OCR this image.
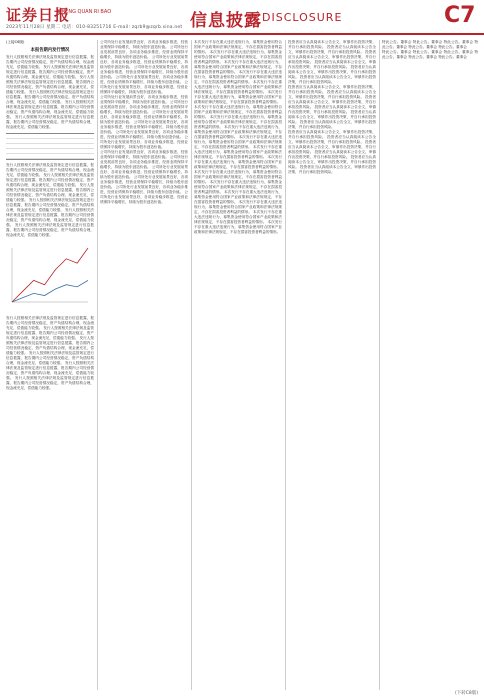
证券日报
ZHENG QUAN RI BAO
2023年11月28日 星期二 电话：010-83251716 E-mail: zqrb9@zqrb.sina.net 信息披露 DISCLOSURE	C7

(上接C6版)

本报告期内发行情况

发行人按照相关法律法规及监管规定进行信息披露，报告期内公司经营情况稳定，资产负债结构合理，现金流充足，偿债能力较强。 发行人按照相关法律法规及监管规定进行信息披露，报告期内公司经营情况稳定，资产负债结构合理，现金流充足，偿债能力较强。 发行人按照相关法律法规及监管规定进行信息披露，报告期内公司经营情况稳定，资产负债结构合理，现金流充足，偿债能力较强。 发行人按照相关法律法规及监管规定进行信息披露，报告期内公司经营情况稳定，资产负债结构合理，现金流充足，偿债能力较强。 发行人按照相关法律法规及监管规定进行信息披露，报告期内公司经营情况稳定，资产负债结构合理，现金流充足，偿债能力较强。 发行人按照相关法律法规及监管规定进行信息披露，报告期内公司经营情况稳定，资产负债结构合理，现金流充足，偿债能力较强。

发行人按照相关法律法规及监管规定进行信息披露，报告期内公司经营情况稳定，资产负债结构合理，现金流充足，偿债能力较强。 发行人按照相关法律法规及监管规定进行信息披露，报告期内公司经营情况稳定，资产负债结构合理，现金流充足，偿债能力较强。 发行人按照相关法律法规及监管规定进行信息披露，报告期内公司经营情况稳定，资产负债结构合理，现金流充足，偿债能力较强。 发行人按照相关法律法规及监管规定进行信息披露，报告期内公司经营情况稳定，资产负债结构合理，现金流充足，偿债能力较强。 发行人按照相关法律法规及监管规定进行信息披露，报告期内公司经营情况稳定，资产负债结构合理，现金流充足，偿债能力较强。 发行人按照相关法律法规及监管规定进行信息披露，报告期内公司经营情况稳定，资产负债结构合理，现金流充足，偿债能力较强。

发行人按照相关法律法规及监管规定进行信息披露，报告期内公司经营情况稳定，资产负债结构合理，现金流充足，偿债能力较强。 发行人按照相关法律法规及监管规定进行信息披露，报告期内公司经营情况稳定，资产负债结构合理，现金流充足，偿债能力较强。 发行人按照相关法律法规及监管规定进行信息披露，报告期内公司经营情况稳定，资产负债结构合理，现金流充足，偿债能力较强。 发行人按照相关法律法规及监管规定进行信息披露，报告期内公司经营情况稳定，资产负债结构合理，现金流充足，偿债能力较强。 发行人按照相关法律法规及监管规定进行信息披露，报告期内公司经营情况稳定，资产负债结构合理，现金流充足，偿债能力较强。 发行人按照相关法律法规及监管规定进行信息披露，报告期内公司经营情况稳定，资产负债结构合理，现金流充足，偿债能力较强。

公司所处行业发展前景良好，各项业务稳步推进，经营业绩保持平稳增长，持续为股东创造价值。 公司所处行业发展前景良好，各项业务稳步推进，经营业绩保持平稳增长，持续为股东创造价值。 公司所处行业发展前景良好，各项业务稳步推进，经营业绩保持平稳增长，持续为股东创造价值。 公司所处行业发展前景良好，各项业务稳步推进，经营业绩保持平稳增长，持续为股东创造价值。 公司所处行业发展前景良好，各项业务稳步推进，经营业绩保持平稳增长，持续为股东创造价值。 公司所处行业发展前景良好，各项业务稳步推进，经营业绩保持平稳增长，持续为股东创造价值。

公司所处行业发展前景良好，各项业务稳步推进，经营业绩保持平稳增长，持续为股东创造价值。 公司所处行业发展前景良好，各项业务稳步推进，经营业绩保持平稳增长，持续为股东创造价值。 公司所处行业发展前景良好，各项业务稳步推进，经营业绩保持平稳增长，持续为股东创造价值。 公司所处行业发展前景良好，各项业务稳步推进，经营业绩保持平稳增长，持续为股东创造价值。 公司所处行业发展前景良好，各项业务稳步推进，经营业绩保持平稳增长，持续为股东创造价值。 公司所处行业发展前景良好，各项业务稳步推进，经营业绩保持平稳增长，持续为股东创造价值。

公司所处行业发展前景良好，各项业务稳步推进，经营业绩保持平稳增长，持续为股东创造价值。 公司所处行业发展前景良好，各项业务稳步推进，经营业绩保持平稳增长，持续为股东创造价值。 公司所处行业发展前景良好，各项业务稳步推进，经营业绩保持平稳增长，持续为股东创造价值。 公司所处行业发展前景良好，各项业务稳步推进，经营业绩保持平稳增长，持续为股东创造价值。 公司所处行业发展前景良好，各项业务稳步推进，经营业绩保持平稳增长，持续为股东创造价值。 公司所处行业发展前景良好，各项业务稳步推进，经营业绩保持平稳增长，持续为股东创造价值。

本次发行不存在重大违法违规行为，募集资金使用符合国家产业政策和法律法规规定，不存在损害投资者利益的情形。 本次发行不存在重大违法违规行为，募集资金使用符合国家产业政策和法律法规规定，不存在损害投资者利益的情形。 本次发行不存在重大违法违规行为，募集资金使用符合国家产业政策和法律法规规定，不存在损害投资者利益的情形。 本次发行不存在重大违法违规行为，募集资金使用符合国家产业政策和法律法规规定，不存在损害投资者利益的情形。 本次发行不存在重大违法违规行为，募集资金使用符合国家产业政策和法律法规规定，不存在损害投资者利益的情形。 本次发行不存在重大违法违规行为，募集资金使用符合国家产业政策和法律法规规定，不存在损害投资者利益的情形。

本次发行不存在重大违法违规行为，募集资金使用符合国家产业政策和法律法规规定，不存在损害投资者利益的情形。 本次发行不存在重大违法违规行为，募集资金使用符合国家产业政策和法律法规规定，不存在损害投资者利益的情形。 本次发行不存在重大违法违规行为，募集资金使用符合国家产业政策和法律法规规定，不存在损害投资者利益的情形。 本次发行不存在重大违法违规行为，募集资金使用符合国家产业政策和法律法规规定，不存在损害投资者利益的情形。 本次发行不存在重大违法违规行为，募集资金使用符合国家产业政策和法律法规规定，不存在损害投资者利益的情形。 本次发行不存在重大违法违规行为，募集资金使用符合国家产业政策和法律法规规定，不存在损害投资者利益的情形。

本次发行不存在重大违法违规行为，募集资金使用符合国家产业政策和法律法规规定，不存在损害投资者利益的情形。 本次发行不存在重大违法违规行为，募集资金使用符合国家产业政策和法律法规规定，不存在损害投资者利益的情形。 本次发行不存在重大违法违规行为，募集资金使用符合国家产业政策和法律法规规定，不存在损害投资者利益的情形。 本次发行不存在重大违法违规行为，募集资金使用符合国家产业政策和法律法规规定，不存在损害投资者利益的情形。 本次发行不存在重大违法违规行为，募集资金使用符合国家产业政策和法律法规规定，不存在损害投资者利益的情形。 本次发行不存在重大违法违规行为，募集资金使用符合国家产业政策和法律法规规定，不存在损害投资者利益的情形。

投资者应当认真阅读本公告全文，审慎作出投资决策，并自行承担投资风险。 投资者应当认真阅读本公告全文，审慎作出投资决策，并自行承担投资风险。 投资者应当认真阅读本公告全文，审慎作出投资决策，并自行承担投资风险。 投资者应当认真阅读本公告全文，审慎作出投资决策，并自行承担投资风险。 投资者应当认真阅读本公告全文，审慎作出投资决策，并自行承担投资风险。 投资者应当认真阅读本公告全文，审慎作出投资决策，并自行承担投资风险。

投资者应当认真阅读本公告全文，审慎作出投资决策，并自行承担投资风险。 投资者应当认真阅读本公告全文，审慎作出投资决策，并自行承担投资风险。 投资者应当认真阅读本公告全文，审慎作出投资决策，并自行承担投资风险。 投资者应当认真阅读本公告全文，审慎作出投资决策，并自行承担投资风险。 投资者应当认真阅读本公告全文，审慎作出投资决策，并自行承担投资风险。 投资者应当认真阅读本公告全文，审慎作出投资决策，并自行承担投资风险。

投资者应当认真阅读本公告全文，审慎作出投资决策，并自行承担投资风险。 投资者应当认真阅读本公告全文，审慎作出投资决策，并自行承担投资风险。 投资者应当认真阅读本公告全文，审慎作出投资决策，并自行承担投资风险。 投资者应当认真阅读本公告全文，审慎作出投资决策，并自行承担投资风险。 投资者应当认真阅读本公告全文，审慎作出投资决策，并自行承担投资风险。 投资者应当认真阅读本公告全文，审慎作出投资决策，并自行承担投资风险。

特此公告。董事会 特此公告。董事会 特此公告。董事会 特此公告。董事会 特此公告。董事会 特此公告。董事会

特此公告。董事会 特此公告。董事会 特此公告。董事会 特此公告。董事会 特此公告。董事会 特此公告。董事会

(下转C8版)
